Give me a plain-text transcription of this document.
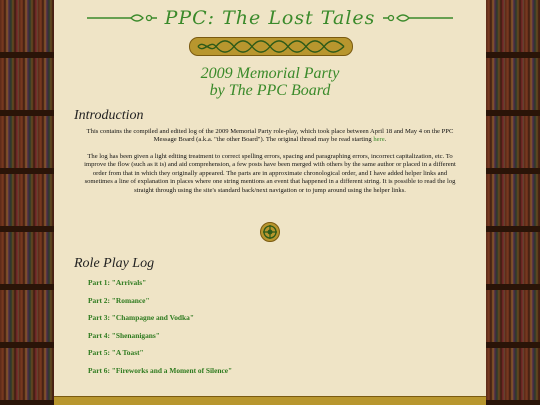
PPC: The Lost Tales
2009 Memorial Party
by The PPC Board
Introduction

This contains the compiled and edited log of the 2009 Memorial Party role-play, which took place between April 18 and May 4 on the PPC Message Board (a.k.a. "the other Board"). The original thread may be read starting here.

The log has been given a light editing treatment to correct spelling errors, spacing and paragraphing errors, incorrect capitalization, etc. To improve the flow (such as it is) and aid comprehension, a few posts have been merged with others by the same author or placed in a different order from that in which they originally appeared. The parts are in approximate chronological order, and I have added helper links and sometimes a line of explanation in places where one string mentions an event that happened in a different string. It is possible to read the log straight through using the site's standard back/next navigation or to jump around using the helper links.

Role Play Log
Part 1: "Arrivals"
Part 2: "Romance"
Part 3: "Champagne and Vodka"
Part 4: "Shenanigans"
Part 5: "A Toast"
Part 6: "Fireworks and a Moment of Silence"
